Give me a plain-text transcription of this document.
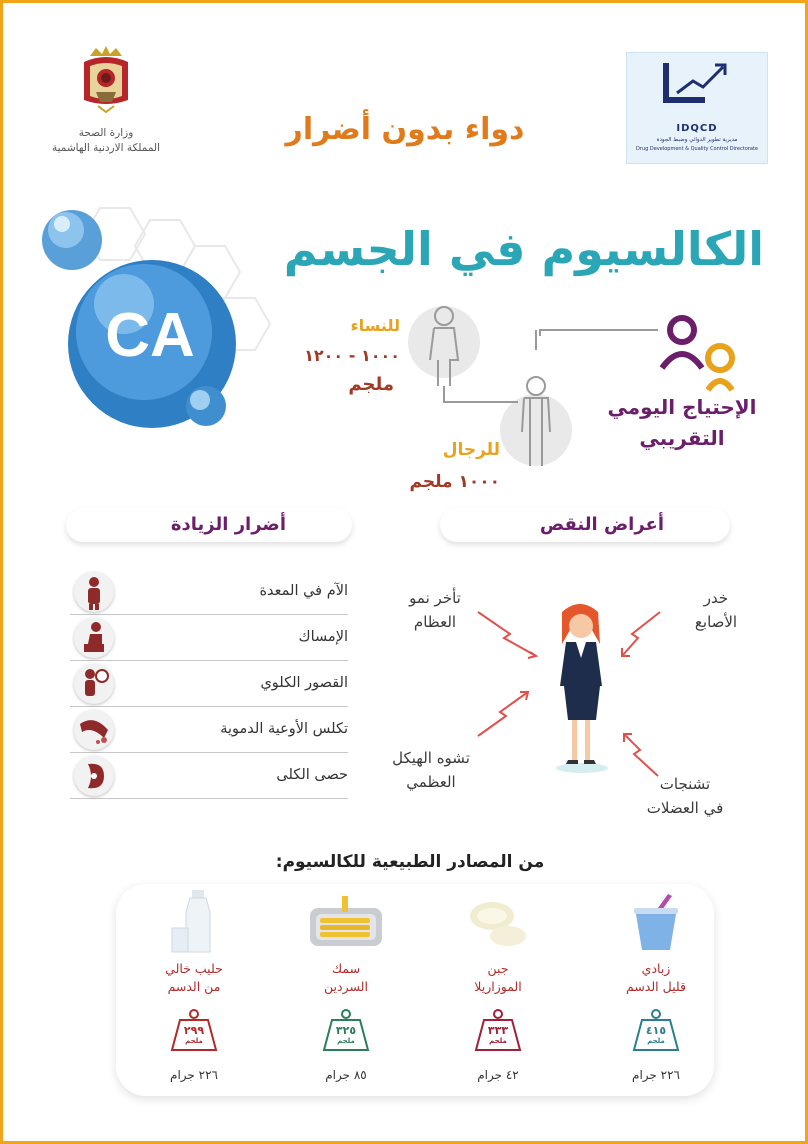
وزارة الصحة
المملكة الاردنية الهاشمية
دواء بدون أضرار	IDQCD
مديرية تطوير الدوائي وضبط الجودة
Drug Development & Quality Control Directorate
CA
الكالسيوم في الجسم
للنساء
١٠٠٠ - ١٢٠٠
ملجم
للرجال
١٠٠٠ ملجم
الإحتياج اليومي
التقريبي
أضرار الزيادة	أعراض النقص
الآم في المعدة
الإمساك
القصور الكلوي
تكلس الأوعية الدموية
حصى الكلى
تأخر نمو
العظام
خدر
الأصابع
تشوه الهيكل
العظمي	تشنجات
في العضلات
من المصادر الطبيعية للكالسيوم:
زبادي
قليل الدسم
٤١٥
ملجم
٢٢٦ جرام
جبن
الموزاريلا
٣٣٣
ملجم
٤٢ جرام
سمك
السردين
٣٢٥
ملجم
٨٥ جرام
حليب خالي
من الدسم
٢٩٩
ملجم
٢٢٦ جرام
